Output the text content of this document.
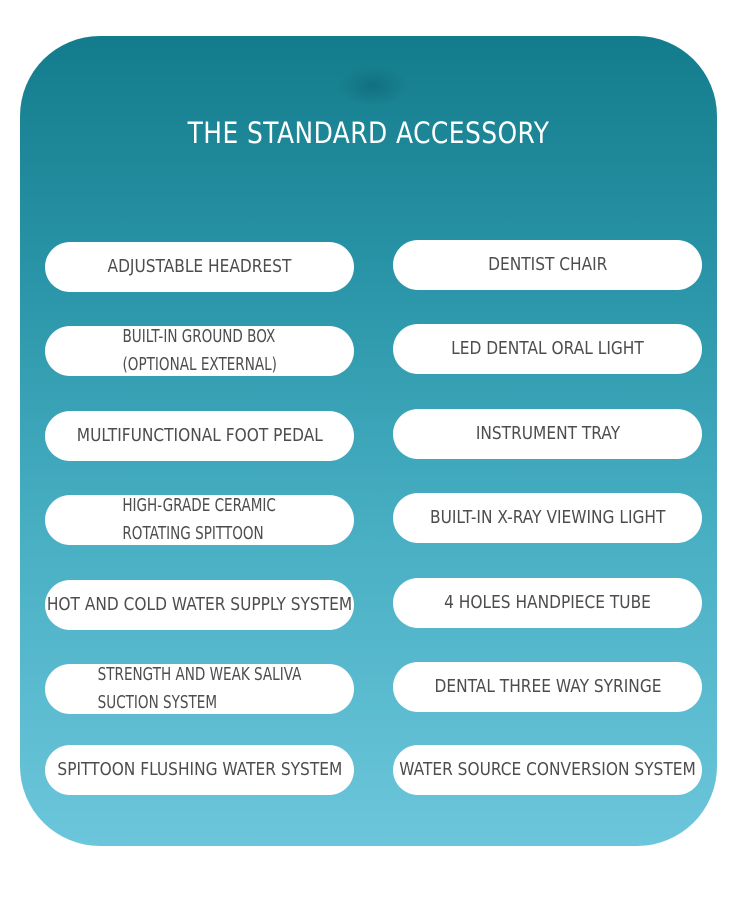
THE STANDARD ACCESSORY
ADJUSTABLE HEADREST
BUILT-IN GROUND BOX
(OPTIONAL EXTERNAL)
MULTIFUNCTIONAL FOOT PEDAL
HIGH-GRADE CERAMIC
ROTATING SPITTOON
HOT AND COLD WATER SUPPLY SYSTEM
STRENGTH AND WEAK SALIVA
SUCTION SYSTEM
SPITTOON FLUSHING WATER SYSTEM
DENTIST CHAIR
LED DENTAL ORAL LIGHT
INSTRUMENT TRAY
BUILT-IN X-RAY VIEWING LIGHT
4 HOLES HANDPIECE TUBE
DENTAL THREE WAY SYRINGE
WATER SOURCE CONVERSION SYSTEM
